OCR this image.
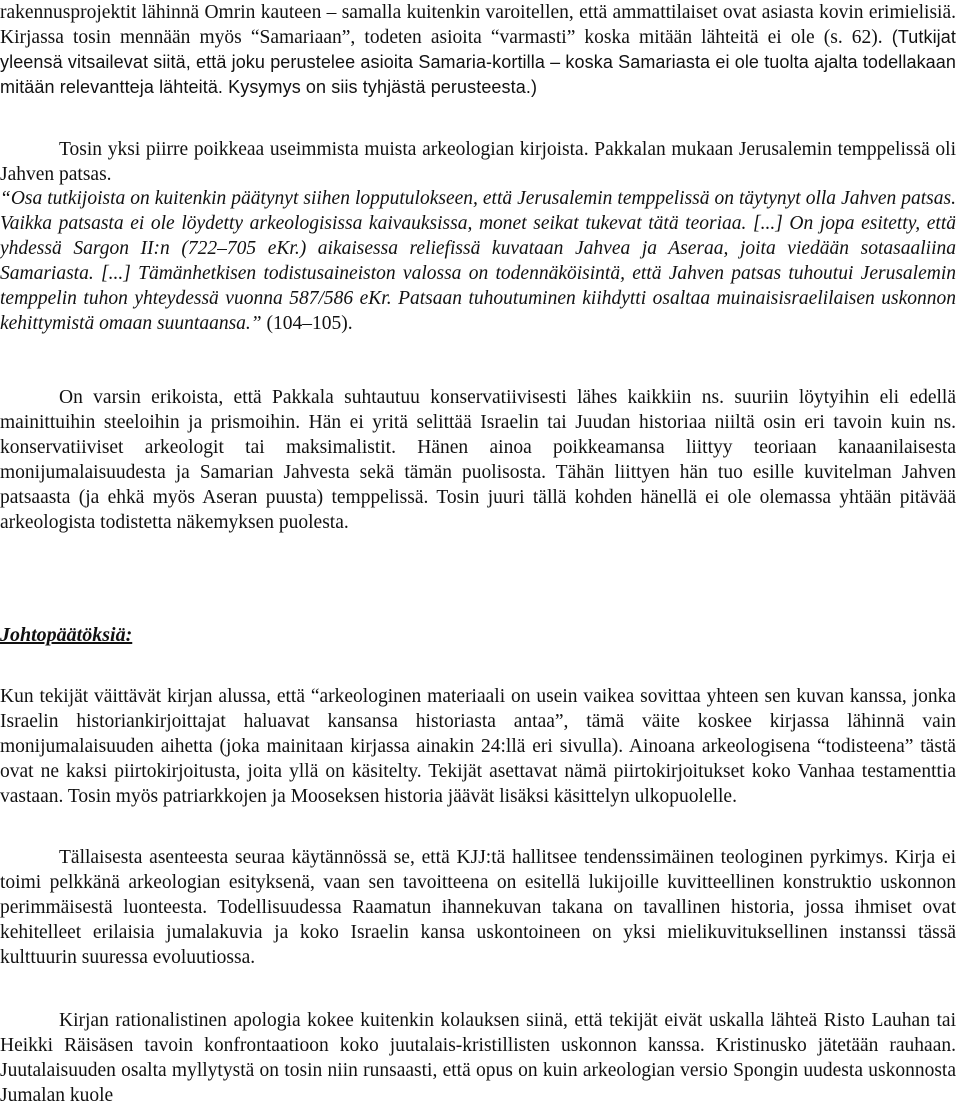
rakennusprojektit lähinnä Omrin kauteen – samalla kuitenkin varoitellen, että ammattilaiset ovat asiasta kovin erimielisiä. Kirjassa tosin mennään myös “Samariaan”, todeten asioita “varmasti” koska mitään lähteitä ei ole (s. 62). (Tutkijat yleensä vitsailevat siitä, että joku perustelee asioita Samaria-kortilla – koska Samariasta ei ole tuolta ajalta todellakaan mitään relevantteja lähteitä. Kysymys on siis tyhjästä perusteesta.)

Tosin yksi piirre poikkeaa useimmista muista arkeologian kirjoista. Pakkalan mukaan Jerusalemin temppelissä oli Jahven patsas.

“Osa tutkijoista on kuitenkin päätynyt siihen lopputulokseen, että Jerusalemin temppelissä on täytynyt olla Jahven patsas. Vaikka patsasta ei ole löydetty arkeologisissa kaivauksissa, monet seikat tukevat tätä teoriaa. [...] On jopa esitetty, että yhdessä Sargon II:n (722–705 eKr.) aikaisessa reliefissä kuvataan Jahvea ja Aseraa, joita viedään sotasaaliina Samariasta. [...] Tämänhetkisen todistusaineiston valossa on todennäköisintä, että Jahven patsas tuhoutui Jerusalemin temppelin tuhon yhteydessä vuonna 587/586 eKr. Patsaan tuhoutuminen kiihdytti osaltaa muinaisisraelilaisen uskonnon kehittymistä omaan suuntaansa.” (104–105).

On varsin erikoista, että Pakkala suhtautuu konservatiivisesti lähes kaikkiin ns. suuriin löytyihin eli edellä mainittuihin steeloihin ja prismoihin. Hän ei yritä selittää Israelin tai Juudan historiaa niiltä osin eri tavoin kuin ns. konservatiiviset arkeologit tai maksimalistit. Hänen ainoa poikkeamansa liittyy teoriaan kanaanilaisesta monijumalaisuudesta ja Samarian Jahvesta sekä tämän puolisosta. Tähän liittyen hän tuo esille kuvitelman Jahven patsaasta (ja ehkä myös Aseran puusta) temppelissä. Tosin juuri tällä kohden hänellä ei ole olemassa yhtään pitävää arkeologista todistetta näkemyksen puolesta.

Johtopäätöksiä:

Kun tekijät väittävät kirjan alussa, että “arkeologinen materiaali on usein vaikea sovittaa yhteen sen kuvan kanssa, jonka Israelin historiankirjoittajat haluavat kansansa historiasta antaa”, tämä väite koskee kirjassa lähinnä vain monijumalaisuuden aihetta (joka mainitaan kirjassa ainakin 24:llä eri sivulla). Ainoana arkeologisena “todisteena” tästä ovat ne kaksi piirtokirjoitusta, joita yllä on käsitelty. Tekijät asettavat nämä piirtokirjoitukset koko Vanhaa testamenttia vastaan. Tosin myös patriarkkojen ja Mooseksen historia jäävät lisäksi käsittelyn ulkopuolelle.

Tällaisesta asenteesta seuraa käytännössä se, että KJJ:tä hallitsee tendenssimäinen teologinen pyrkimys. Kirja ei toimi pelkkänä arkeologian esityksenä, vaan sen tavoitteena on esitellä lukijoille kuvitteellinen konstruktio uskonnon perimmäisestä luonteesta. Todellisuudessa Raamatun ihannekuvan takana on tavallinen historia, jossa ihmiset ovat kehitelleet erilaisia jumalakuvia ja koko Israelin kansa uskontoineen on yksi mielikuvituksellinen instanssi tässä kulttuurin suuressa evoluutiossa.

Kirjan rationalistinen apologia kokee kuitenkin kolauksen siinä, että tekijät eivät uskalla lähteä Risto Lauhan tai Heikki Räisäsen tavoin konfrontaatioon koko juutalais-kristillisten uskonnon kanssa. Kristinusko jätetään rauhaan. Juutalaisuuden osalta myllytystä on tosin niin runsaasti, että opus on kuin arkeologian versio Spongin uudesta uskonnosta Jumalan kuole
